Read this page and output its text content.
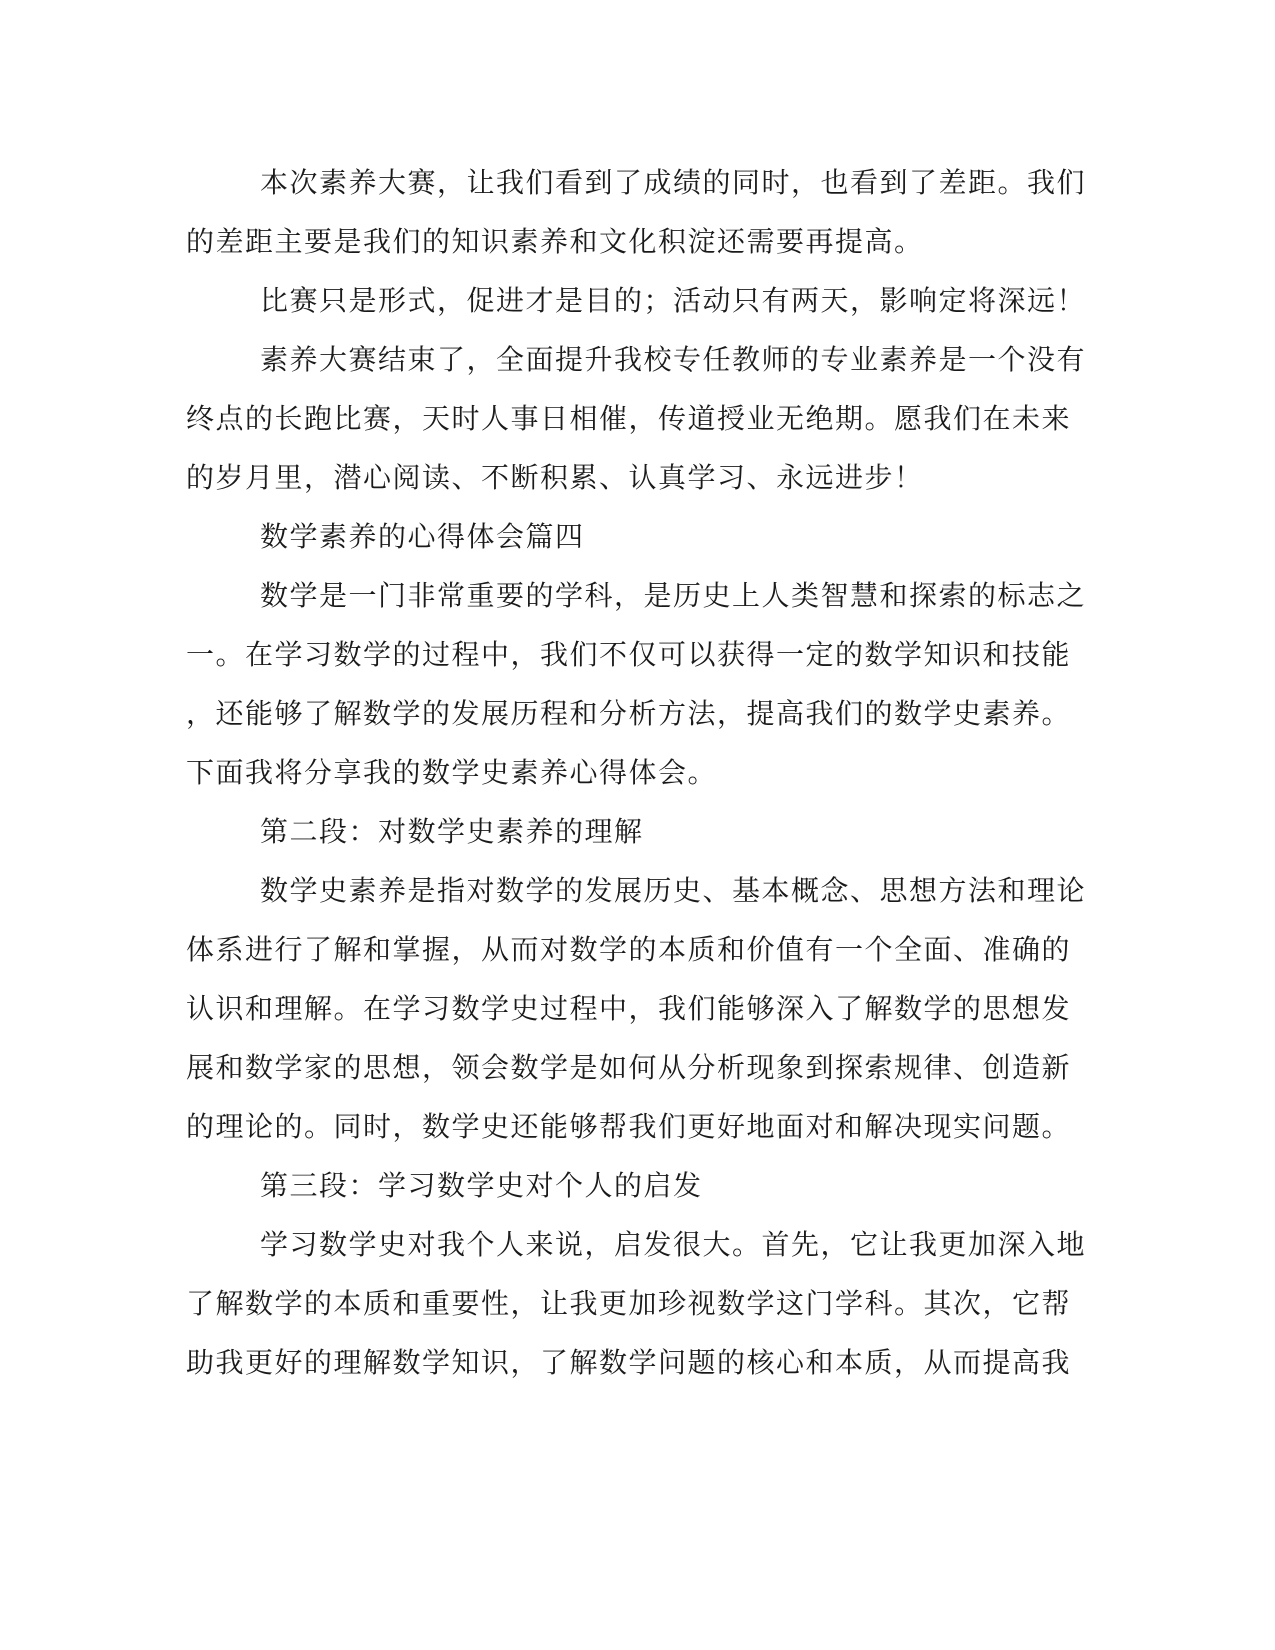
本次素养大赛，让我们看到了成绩的同时，也看到了差距。我们
的差距主要是我们的知识素养和文化积淀还需要再提高。
比赛只是形式，促进才是目的；活动只有两天，影响定将深远！
素养大赛结束了，全面提升我校专任教师的专业素养是一个没有
终点的长跑比赛，天时人事日相催，传道授业无绝期。愿我们在未来
的岁月里，潜心阅读、不断积累、认真学习、永远进步！
数学素养的心得体会篇四
数学是一门非常重要的学科，是历史上人类智慧和探索的标志之
一。在学习数学的过程中，我们不仅可以获得一定的数学知识和技能
，还能够了解数学的发展历程和分析方法，提高我们的数学史素养。
下面我将分享我的数学史素养心得体会。
第二段：对数学史素养的理解
数学史素养是指对数学的发展历史、基本概念、思想方法和理论
体系进行了解和掌握，从而对数学的本质和价值有一个全面、准确的
认识和理解。在学习数学史过程中，我们能够深入了解数学的思想发
展和数学家的思想，领会数学是如何从分析现象到探索规律、创造新
的理论的。同时，数学史还能够帮我们更好地面对和解决现实问题。
第三段：学习数学史对个人的启发
学习数学史对我个人来说，启发很大。首先，它让我更加深入地
了解数学的本质和重要性，让我更加珍视数学这门学科。其次，它帮
助我更好的理解数学知识，了解数学问题的核心和本质，从而提高我
